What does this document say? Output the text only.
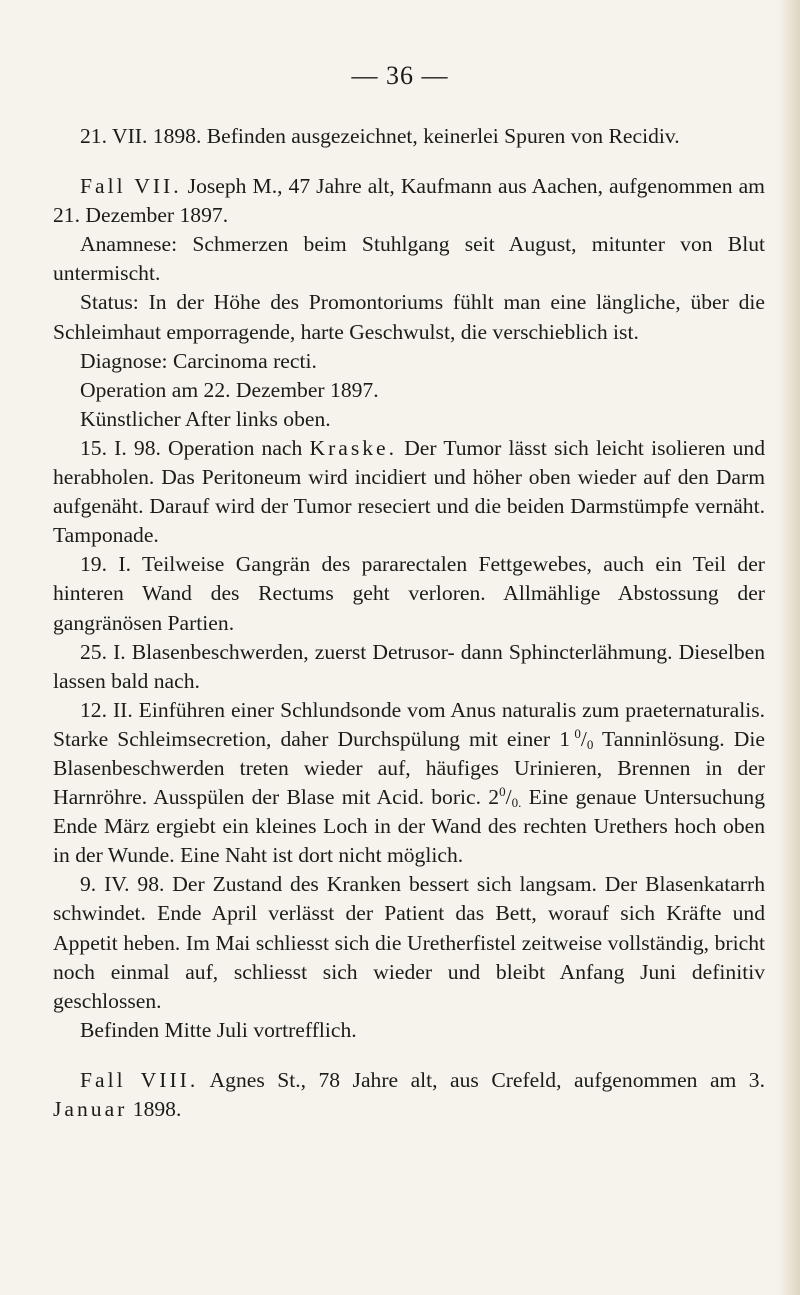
— 36 —

21. VII. 1898. Befinden ausgezeichnet, keinerlei Spuren von Recidiv.

Fall VII. Joseph M., 47 Jahre alt, Kaufmann aus Aachen, aufgenommen am 21. Dezember 1897.

Anamnese: Schmerzen beim Stuhlgang seit August, mitunter von Blut untermischt.

Status: In der Höhe des Promontoriums fühlt man eine längliche, über die Schleimhaut emporragende, harte Geschwulst, die verschieblich ist.

Diagnose: Carcinoma recti.

Operation am 22. Dezember 1897.

Künstlicher After links oben.

15. I. 98. Operation nach Kraske. Der Tumor lässt sich leicht isolieren und herabholen. Das Peritoneum wird incidiert und höher oben wieder auf den Darm aufgenäht. Darauf wird der Tumor reseciert und die beiden Darmstümpfe vernäht. Tamponade.

19. I. Teilweise Gangrän des pararectalen Fettgewebes, auch ein Teil der hinteren Wand des Rectums geht verloren. Allmählige Abstossung der gangränösen Partien.

25. I. Blasenbeschwerden, zuerst Detrusor- dann Sphincterlähmung. Dieselben lassen bald nach.

12. II. Einführen einer Schlundsonde vom Anus naturalis zum praeternaturalis. Starke Schleimsecretion, daher Durchspülung mit einer 1  $^0/_0$ Tanninlösung. Die Blasenbeschwerden treten wieder auf, häufiges Urinieren, Brennen in der Harnröhre. Ausspülen der Blase mit Acid. boric. $2^0/_{0.}$ Eine genaue Untersuchung Ende März ergiebt ein kleines Loch in der Wand des rechten Urethers hoch oben in der Wunde. Eine Naht ist dort nicht möglich.

9. IV. 98. Der Zustand des Kranken bessert sich langsam. Der Blasenkatarrh schwindet. Ende April verlässt der Patient das Bett, worauf sich Kräfte und Appetit heben. Im Mai schliesst sich die Uretherfistel zeitweise vollständig, bricht noch einmal auf, schliesst sich wieder und bleibt Anfang Juni definitiv geschlossen.

Befinden Mitte Juli vortrefflich.

Fall VIII. Agnes St., 78 Jahre alt, aus Crefeld, aufgenommen am 3. Januar 1898.
